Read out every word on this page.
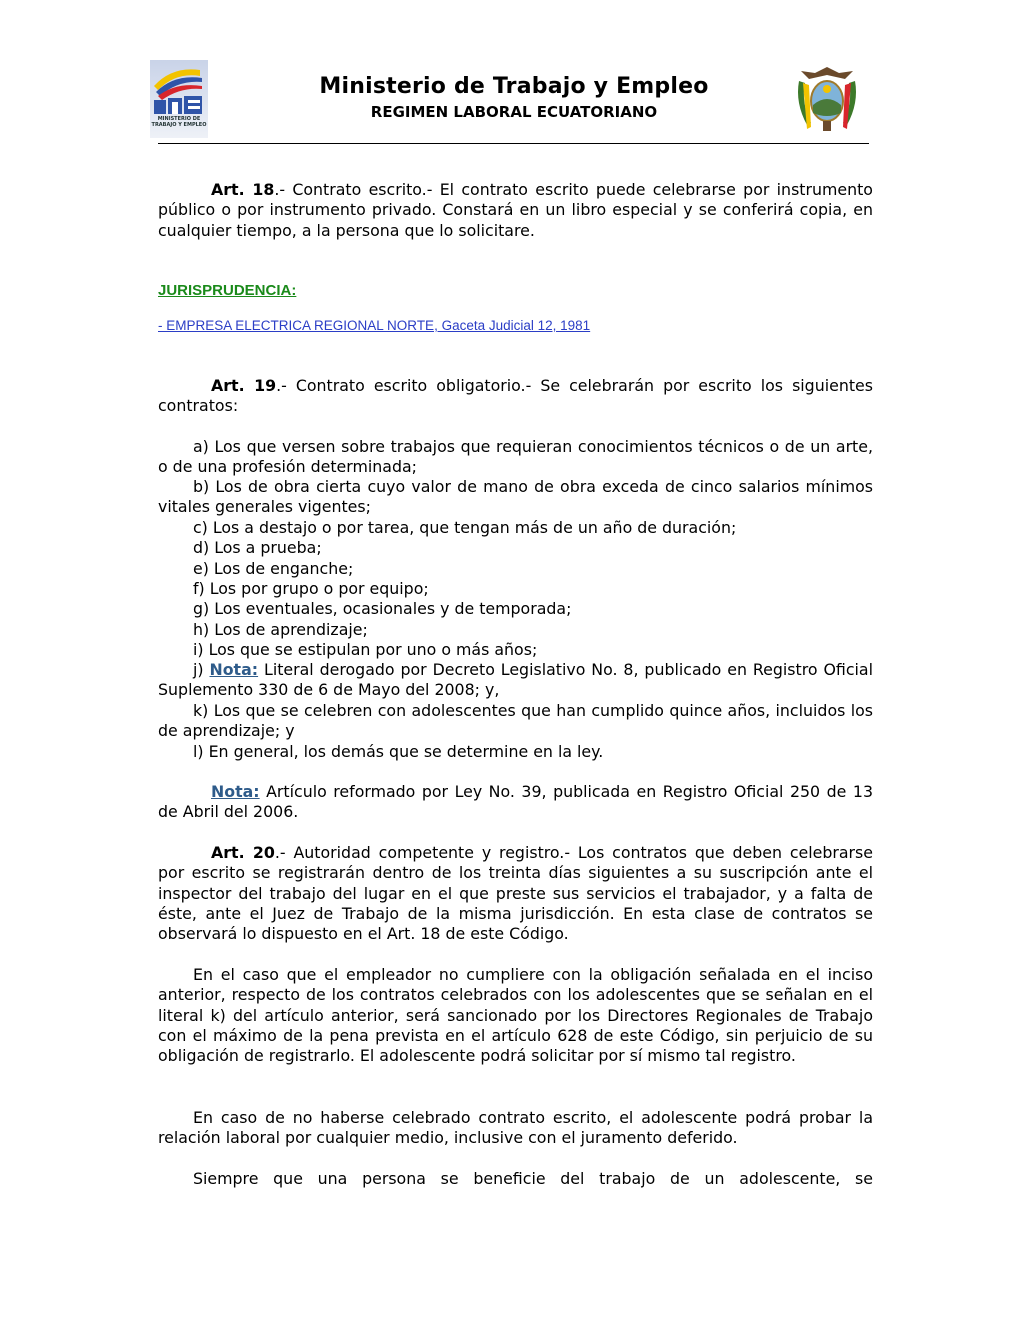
MINISTERIO DE TRABAJO Y EMPLEO
Ministerio de Trabajo y Empleo
REGIMEN LABORAL ECUATORIANO

Art. 18.- Contrato escrito.- El contrato escrito puede celebrarse por instrumento público o por instrumento privado. Constará en un libro especial y se conferirá copia, en cualquier tiempo, a la persona que lo solicitare.

JURISPRUDENCIA:
- EMPRESA ELECTRICA REGIONAL NORTE, Gaceta Judicial 12, 1981

Art. 19.- Contrato escrito obligatorio.- Se celebrarán por escrito los siguientes contratos:

a) Los que versen sobre trabajos que requieran conocimientos técnicos o de un arte, o de una profesión determinada;

b) Los de obra cierta cuyo valor de mano de obra exceda de cinco salarios mínimos vitales generales vigentes;

c) Los a destajo o por tarea, que tengan más de un año de duración;

d) Los a prueba;

e) Los de enganche;

f) Los por grupo o por equipo;

g) Los eventuales, ocasionales y de temporada;

h) Los de aprendizaje;

i) Los que se estipulan por uno o más años;

j) Nota: Literal derogado por Decreto Legislativo No. 8, publicado en Registro Oficial Suplemento 330 de 6 de Mayo del 2008; y,

k) Los que se celebren con adolescentes que han cumplido quince años, incluidos los de aprendizaje; y

l) En general, los demás que se determine en la ley.

Nota: Artículo reformado por Ley No. 39, publicada en Registro Oficial 250 de 13 de Abril del 2006.

Art. 20.- Autoridad competente y registro.- Los contratos que deben celebrarse por escrito se registrarán dentro de los treinta días siguientes a su suscripción ante el inspector del trabajo del lugar en el que preste sus servicios el trabajador, y a falta de éste, ante el Juez de Trabajo de la misma jurisdicción. En esta clase de contratos se observará lo dispuesto en el Art. 18 de este Código.

En el caso que el empleador no cumpliere con la obligación señalada en el inciso anterior, respecto de los contratos celebrados con los adolescentes que se señalan en el literal k) del artículo anterior, será sancionado por los Directores Regionales de Trabajo con el máximo de la pena prevista en el artículo 628 de este Código, sin perjuicio de su obligación de registrarlo. El adolescente podrá solicitar por sí mismo tal registro.

En caso de no haberse celebrado contrato escrito, el adolescente podrá probar la relación laboral por cualquier medio, inclusive con el juramento deferido.

Siempre que una persona se beneficie del trabajo de un adolescente, se
